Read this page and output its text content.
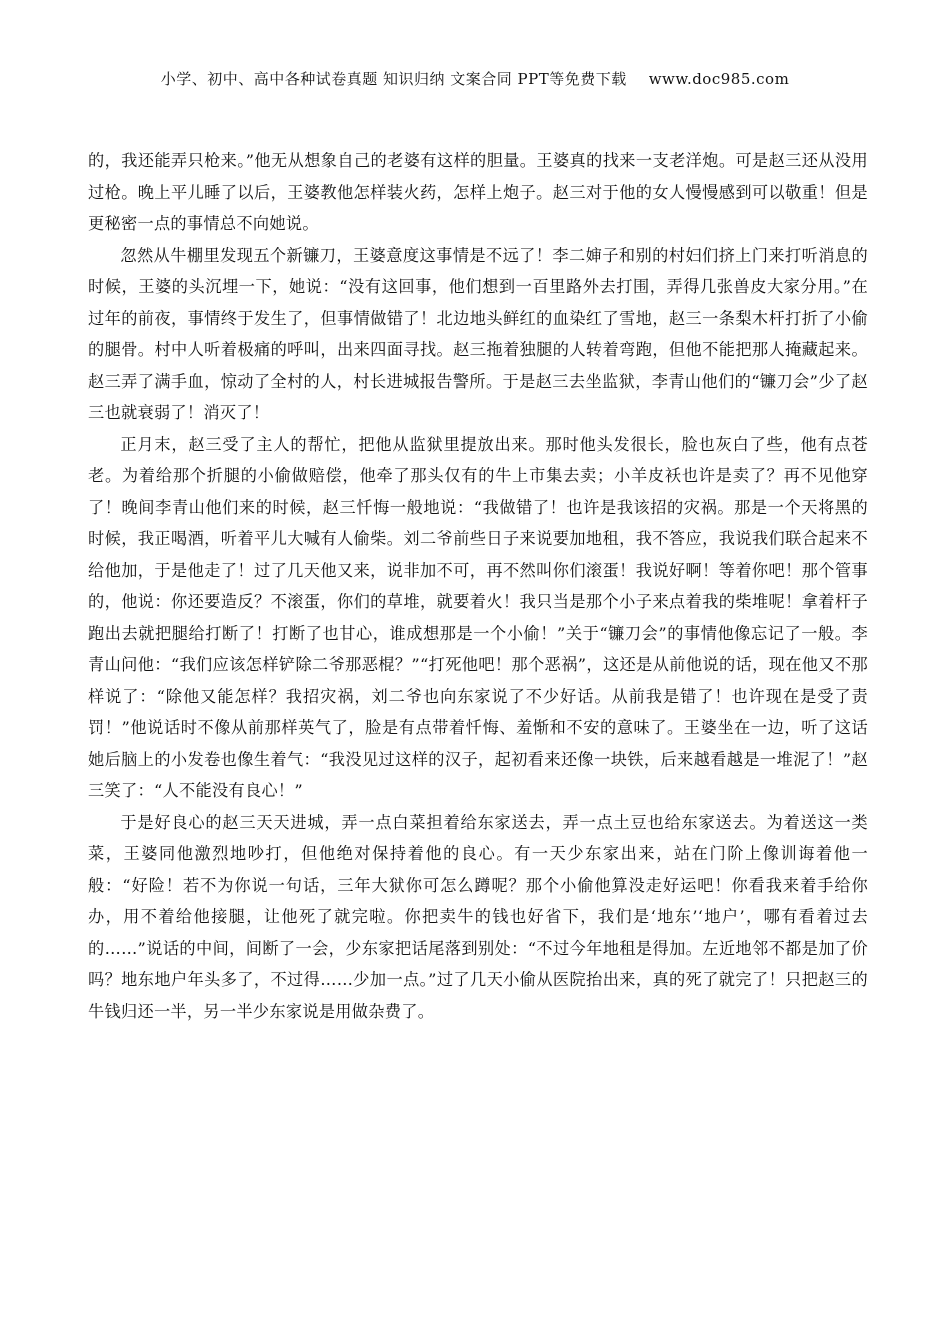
小学、初中、高中各种试卷真题 知识归纳 文案合同 PPT等免费下载 www.doc985.com

的，我还能弄只枪来。”他无从想象自己的老婆有这样的胆量。王婆真的找来一支老洋炮。可是赵三还从没用过枪。晚上平儿睡了以后，王婆教他怎样装火药，怎样上炮子。赵三对于他的女人慢慢感到可以敬重！但是更秘密一点的事情总不向她说。

忽然从牛棚里发现五个新镰刀，王婆意度这事情是不远了！李二婶子和别的村妇们挤上门来打听消息的时候，王婆的头沉埋一下，她说：“没有这回事，他们想到一百里路外去打围，弄得几张兽皮大家分用。”在过年的前夜，事情终于发生了，但事情做错了！北边地头鲜红的血染红了雪地，赵三一条梨木杆打折了小偷的腿骨。村中人听着极痛的呼叫，出来四面寻找。赵三拖着独腿的人转着弯跑，但他不能把那人掩藏起来。赵三弄了满手血，惊动了全村的人，村长进城报告警所。于是赵三去坐监狱，李青山他们的“镰刀会”少了赵三也就衰弱了！消灭了！

正月末，赵三受了主人的帮忙，把他从监狱里提放出来。那时他头发很长，脸也灰白了些，他有点苍老。为着给那个折腿的小偷做赔偿，他牵了那头仅有的牛上市集去卖；小羊皮袄也许是卖了？再不见他穿了！晚间李青山他们来的时候，赵三忏悔一般地说：“我做错了！也许是我该招的灾祸。那是一个天将黑的时候，我正喝酒，听着平儿大喊有人偷柴。刘二爷前些日子来说要加地租，我不答应，我说我们联合起来不给他加，于是他走了！过了几天他又来，说非加不可，再不然叫你们滚蛋！我说好啊！等着你吧！那个管事的，他说：你还要造反？不滚蛋，你们的草堆，就要着火！我只当是那个小子来点着我的柴堆呢！拿着杆子跑出去就把腿给打断了！打断了也甘心，谁成想那是一个小偷！”关于“镰刀会”的事情他像忘记了一般。李青山问他：“我们应该怎样铲除二爷那恶棍？”“打死他吧！那个恶祸”，这还是从前他说的话，现在他又不那样说了：“除他又能怎样？我招灾祸，刘二爷也向东家说了不少好话。从前我是错了！也许现在是受了责罚！”他说话时不像从前那样英气了，脸是有点带着忏悔、羞惭和不安的意味了。王婆坐在一边，听了这话她后脑上的小发卷也像生着气：“我没见过这样的汉子，起初看来还像一块铁，后来越看越是一堆泥了！”赵三笑了：“人不能没有良心！”

于是好良心的赵三天天进城，弄一点白菜担着给东家送去，弄一点土豆也给东家送去。为着送这一类菜，王婆同他激烈地吵打，但他绝对保持着他的良心。有一天少东家出来，站在门阶上像训诲着他一般：“好险！若不为你说一句话，三年大狱你可怎么蹲呢？那个小偷他算没走好运吧！你看我来着手给你办，用不着给他接腿，让他死了就完啦。你把卖牛的钱也好省下，我们是‘地东’‘地户’，哪有看着过去的……”说话的中间，间断了一会，少东家把话尾落到别处：“不过今年地租是得加。左近地邻不都是加了价吗？地东地户年头多了，不过得……少加一点。”过了几天小偷从医院抬出来，真的死了就完了！只把赵三的牛钱归还一半，另一半少东家说是用做杂费了。
